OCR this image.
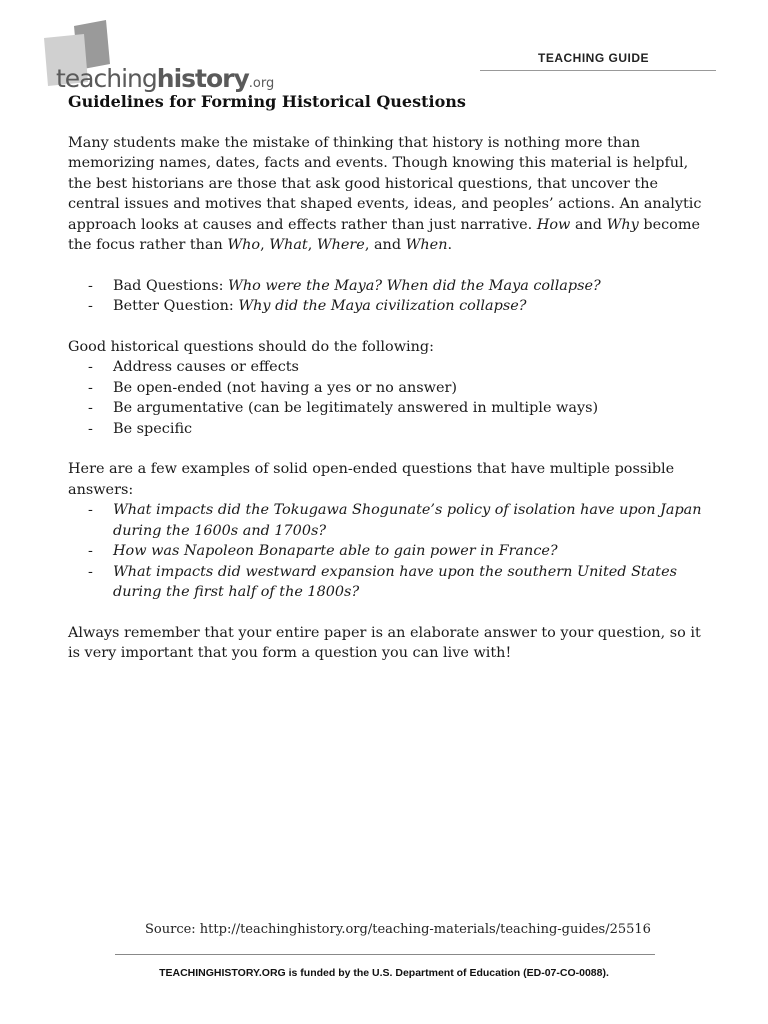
teachinghistory.org
TEACHING GUIDE
Guidelines for Forming Historical Questions

Many students make the mistake of thinking that history is nothing more than memorizing names, dates, facts and events. Though knowing this material is helpful, the best historians are those that ask good historical questions, that uncover the central issues and motives that shaped events, ideas, and peoples’ actions. An analytic approach looks at causes and effects rather than just narrative. How and Why become the focus rather than Who, What, Where, and When.

- Bad Questions: Who were the Maya? When did the Maya collapse?
- Better Question: Why did the Maya civilization collapse?

Good historical questions should do the following:

- Address causes or effects
- Be open-ended (not having a yes or no answer)
- Be argumentative (can be legitimately answered in multiple ways)
- Be specific

Here are a few examples of solid open-ended questions that have multiple possible answers:

- What impacts did the Tokugawa Shogunate’s policy of isolation have upon Japan during the 1600s and 1700s?
- How was Napoleon Bonaparte able to gain power in France?
- What impacts did westward expansion have upon the southern United States during the first half of the 1800s?

Always remember that your entire paper is an elaborate answer to your question, so it is very important that you form a question you can live with!

Source: http://teachinghistory.org/teaching-materials/teaching-guides/25516
TEACHINGHISTORY.ORG is funded by the U.S. Department of Education (ED-07-CO-0088).
